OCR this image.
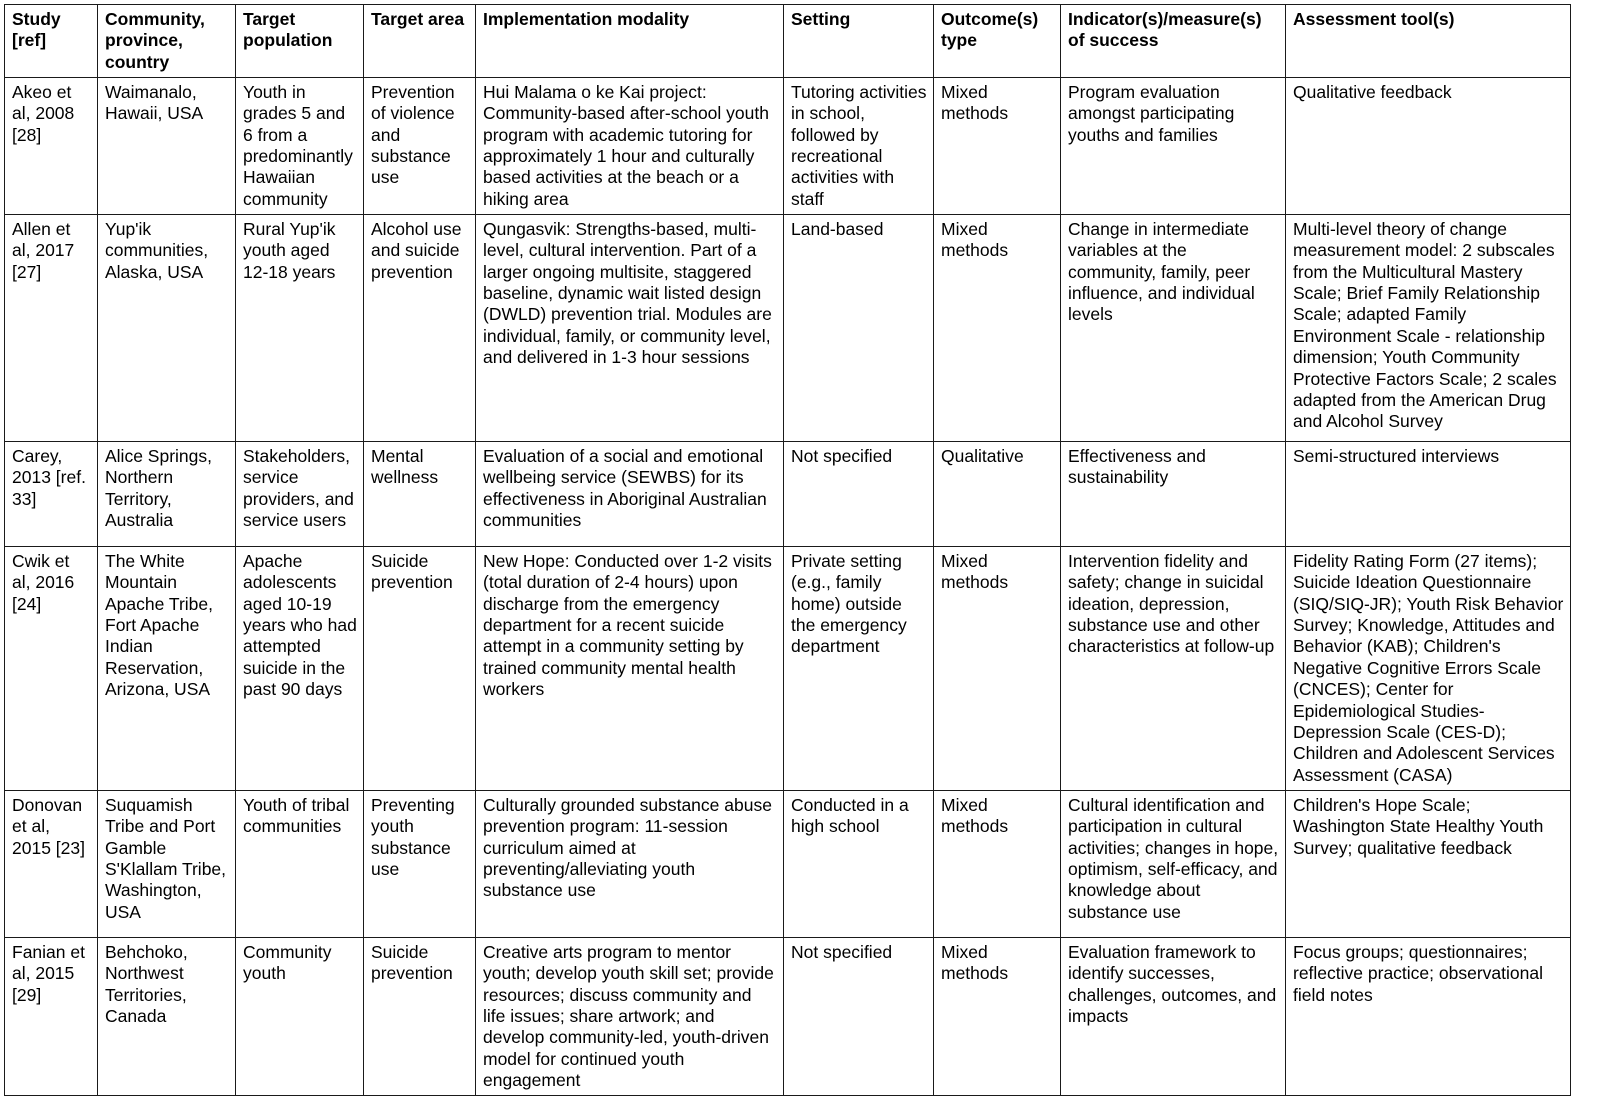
Study [ref]	Community, province, country	Target population	Target area	Implementation modality	Setting	Outcome(s) type	Indicator(s)/measure(s) of success	Assessment tool(s)
Akeo et al, 2008 [28]	Waimanalo, Hawaii, USA	Youth in grades 5 and 6 from a predominantly Hawaiian community	Prevention of violence and substance use	Hui Malama o ke Kai project: Community-based after-school youth program with academic tutoring for approximately 1 hour and culturally based activities at the beach or a hiking area	Tutoring activities in school, followed by recreational activities with staff	Mixed methods	Program evaluation amongst participating youths and families	Qualitative feedback
Allen et al, 2017 [27]	Yup'ik communities, Alaska, USA	Rural Yup'ik youth aged 12-18 years	Alcohol use and suicide prevention	Qungasvik: Strengths-based, multi-level, cultural intervention. Part of a larger ongoing multisite, staggered baseline, dynamic wait listed design (DWLD) prevention trial. Modules are individual, family, or community level, and delivered in 1-3 hour sessions	Land-based	Mixed methods	Change in intermediate variables at the community, family, peer influence, and individual levels	Multi-level theory of change measurement model: 2 subscales from the Multicultural Mastery Scale; Brief Family Relationship Scale; adapted Family Environment Scale - relationship dimension; Youth Community Protective Factors Scale; 2 scales adapted from the American Drug and Alcohol Survey
Carey, 2013 [ref. 33]	Alice Springs, Northern Territory, Australia	Stakeholders, service providers, and service users	Mental wellness	Evaluation of a social and emotional wellbeing service (SEWBS) for its effectiveness in Aboriginal Australian communities	Not specified	Qualitative	Effectiveness and sustainability	Semi-structured interviews
Cwik et al, 2016 [24]	The White Mountain Apache Tribe, Fort Apache Indian Reservation, Arizona, USA	Apache adolescents aged 10-19 years who had attempted suicide in the past 90 days	Suicide prevention	New Hope: Conducted over 1-2 visits (total duration of 2-4 hours) upon discharge from the emergency department for a recent suicide attempt in a community setting by trained community mental health workers	Private setting (e.g., family home) outside the emergency department	Mixed methods	Intervention fidelity and safety; change in suicidal ideation, depression, substance use and other characteristics at follow-up	Fidelity Rating Form (27 items); Suicide Ideation Questionnaire (SIQ/SIQ-JR); Youth Risk Behavior Survey; Knowledge, Attitudes and Behavior (KAB); Children's Negative Cognitive Errors Scale (CNCES); Center for Epidemiological Studies-Depression Scale (CES-D); Children and Adolescent Services Assessment (CASA)
Donovan et al, 2015 [23]	Suquamish Tribe and Port Gamble S'Klallam Tribe, Washington, USA	Youth of tribal communities	Preventing youth substance use	Culturally grounded substance abuse prevention program: 11-session curriculum aimed at preventing/alleviating youth substance use	Conducted in a high school	Mixed methods	Cultural identification and participation in cultural activities; changes in hope, optimism, self-efficacy, and knowledge about substance use	Children's Hope Scale; Washington State Healthy Youth Survey; qualitative feedback
Fanian et al, 2015 [29]	Behchoko, Northwest Territories, Canada	Community youth	Suicide prevention	Creative arts program to mentor youth; develop youth skill set; provide resources; discuss community and life issues; share artwork; and develop community-led, youth-driven model for continued youth engagement	Not specified	Mixed methods	Evaluation framework to identify successes, challenges, outcomes, and impacts	Focus groups; questionnaires; reflective practice; observational field notes
